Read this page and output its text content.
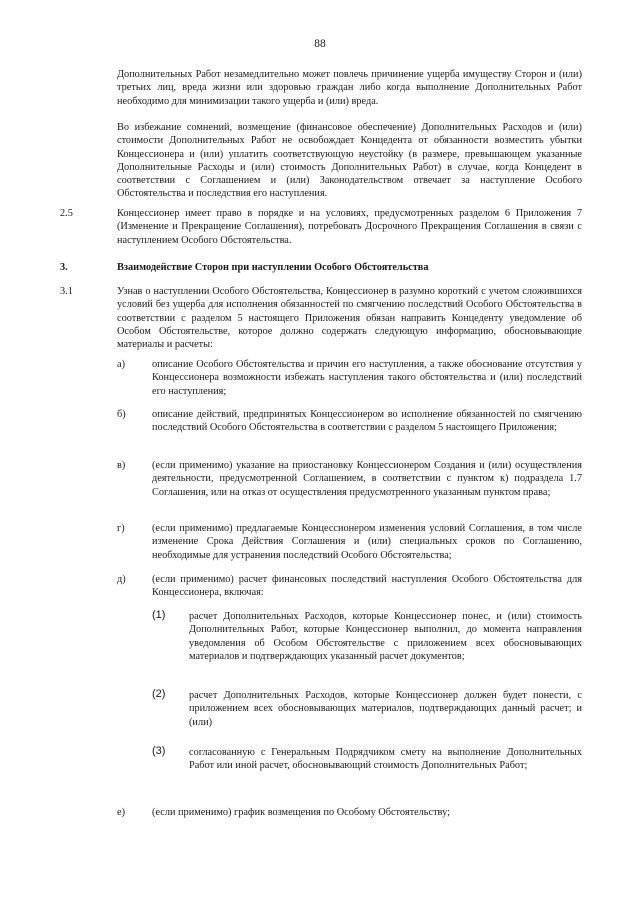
88

Дополнительных Работ незамедлительно может повлечь причинение ущерба имуществу Сторон и (или) третьих лиц, вреда жизни или здоровью граждан либо когда выполнение Дополнительных Работ необходимо для минимизации такого ущерба и (или) вреда.

Во избежание сомнений, возмещение (финансовое обеспечение) Дополнительных Расходов и (или) стоимости Дополнительных Работ не освобождает Концедента от обязанности возместить убытки Концессионера и (или) уплатить соответствующую неустойку (в размере, превышающем указанные Дополнительные Расходы и (или) стоимость Дополнительных Работ) в случае, когда Концедент в соответствии с Соглашением и (или) Законодательством отвечает за наступление Особого Обстоятельства и последствия его наступления.

2.5	Концессионер имеет право в порядке и на условиях, предусмотренных разделом 6 Приложения 7 (Изменение и Прекращение Соглашения), потребовать Досрочного Прекращения Соглашения в связи с наступлением Особого Обстоятельства.

3.	Взаимодействие Сторон при наступлении Особого Обстоятельства
3.1	Узнав о наступлении Особого Обстоятельства, Концессионер в разумно короткий с учетом сложившихся условий без ущерба для исполнения обязанностей по смягчению последствий Особого Обстоятельства в соответствии с разделом 5 настоящего Приложения обязан направить Концеденту уведомление об Особом Обстоятельстве, которое должно содержать следующую информацию, обосновывающие материалы и расчеты:

а)	описание Особого Обстоятельства и причин его наступления, а также обоснование отсутствия у Концессионера возможности избежать наступления такого обстоятельства и (или) последствий его наступления;

б)	описание действий, предпринятых Концессионером во исполнение обязанностей по смягчению последствий Особого Обстоятельства в соответствии с разделом 5 настоящего Приложения;

в)	(если применимо) указание на приостановку Концессионером Создания и (или) осуществления деятельности, предусмотренной Соглашением, в соответствии с пунктом к) подраздела 1.7 Соглашения, или на отказ от осуществления предусмотренного указанным пунктом права;

г)	(если применимо) предлагаемые Концессионером изменения условий Соглашения, в том числе изменение Срока Действия Соглашения и (или) специальных сроков по Соглашению, необходимые для устранения последствий Особого Обстоятельства;

д)	(если применимо) расчет финансовых последствий наступления Особого Обстоятельства для Концессионера, включая:

(1) расчет Дополнительных Расходов, которые Концессионер понес, и (или) стоимость Дополнительных Работ, которые Концессионер выполнил, до момента направления уведомления об Особом Обстоятельстве с приложением всех обосновывающих материалов и подтверждающих указанный расчет документов;

(2) расчет Дополнительных Расходов, которые Концессионер должен будет понести, с приложением всех обосновывающих материалов, подтверждающих данный расчет; и (или)

(3) согласованную с Генеральным Подрядчиком смету на выполнение Дополнительных Работ или иной расчет, обосновывающий стоимость Дополнительных Работ;

е)	(если применимо) график возмещения по Особому Обстоятельству;
